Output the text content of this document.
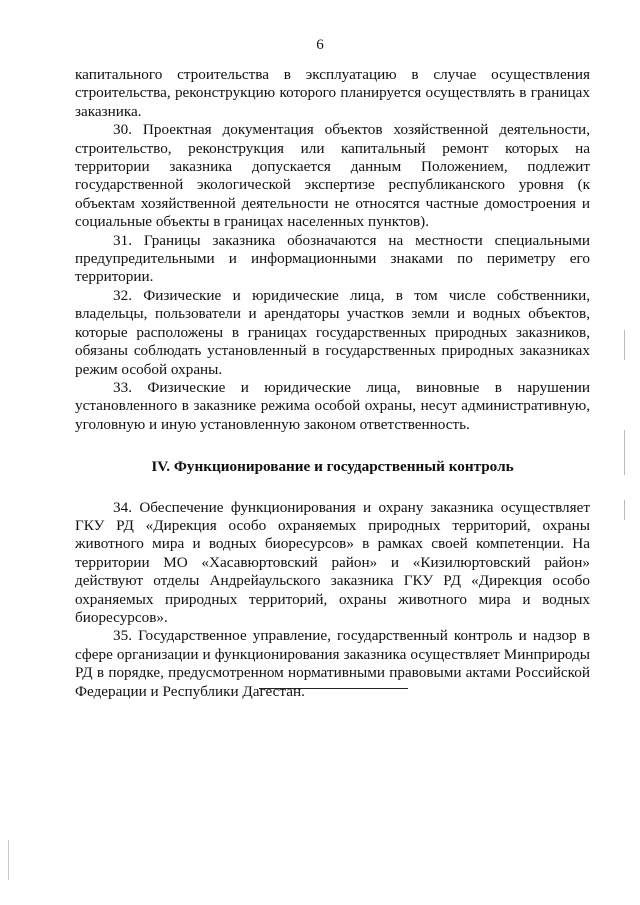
6

капитального строительства в эксплуатацию в случае осуществления строительства, реконструкцию которого планируется осуществлять в границах заказника.

30. Проектная документация объектов хозяйственной деятельности, строительство, реконструкция или капитальный ремонт которых на территории заказника допускается данным Положением, подлежит государственной экологической экспертизе республиканского уровня (к объектам хозяйственной деятельности не относятся частные домостроения и социальные объекты в границах населенных пунктов).

31. Границы заказника обозначаются на местности специальными предупредительными и информационными знаками по периметру его территории.

32. Физические и юридические лица, в том числе собственники, владельцы, пользователи и арендаторы участков земли и водных объектов, которые расположены в границах государственных природных заказников, обязаны соблюдать установленный в государственных природных заказниках режим особой охраны.

33. Физические и юридические лица, виновные в нарушении установленного в заказнике режима особой охраны, несут административную, уголовную и иную установленную законом ответственность.

IV. Функционирование и государственный контроль

34. Обеспечение функционирования и охрану заказника осуществляет ГКУ РД «Дирекция особо охраняемых природных территорий, охраны животного мира и водных биоресурсов» в рамках своей компетенции. На территории МО «Хасавюртовский район» и «Кизилюртовский район» действуют отделы Андрейаульского заказника ГКУ РД «Дирекция особо охраняемых природных территорий, охраны животного мира и водных биоресурсов».

35. Государственное управление, государственный контроль и надзор в сфере организации и функционирования заказника осуществляет Минприроды РД в порядке, предусмотренном нормативными правовыми актами Российской Федерации и Республики Дагестан.
